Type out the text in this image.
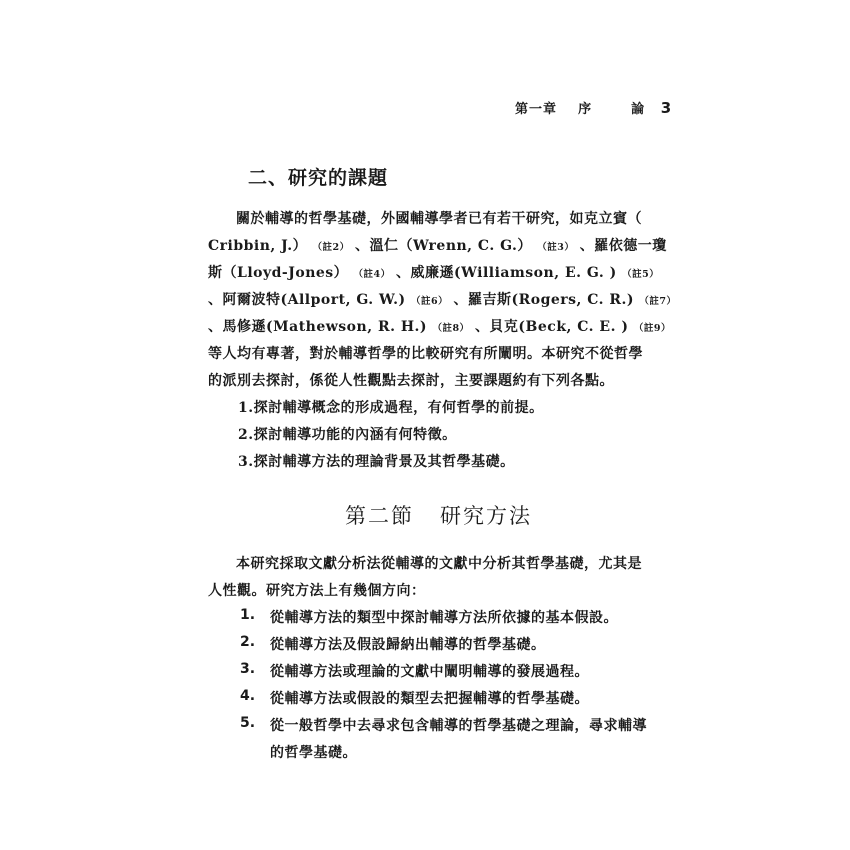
第一章 序	論 3
二、研究的課題
關於輔導的哲學基礎，外國輔導學者已有若干研究，如克立賓（
Cribbin, J.） （註2） 、溫仁（Wrenn, C. G.） （註3） 、羅依德一瓊
斯（Lloyd-Jones） （註4） 、威廉遜(Williamson, E. G. ) （註5）
、阿爾波特(Allport, G. W.) （註6） 、羅吉斯(Rogers, C. R.) （註7）
、馬修遜(Mathewson, R. H.) （註8） 、貝克(Beck, C. E. ) （註9）
等人均有專著，對於輔導哲學的比較研究有所闡明。本研究不從哲學
的派別去探討，係從人性觀點去探討，主要課題約有下列各點。
1.探討輔導概念的形成過程，有何哲學的前提。
2.探討輔導功能的內涵有何特徵。
3.探討輔導方法的理論背景及其哲學基礎。
第二節 研究方法
本研究採取文獻分析法從輔導的文獻中分析其哲學基礎，尤其是
人性觀。研究方法上有幾個方向：
1.	從輔導方法的類型中探討輔導方法所依據的基本假設。
2.	從輔導方法及假設歸納出輔導的哲學基礎。
3.	從輔導方法或理論的文獻中闡明輔導的發展過程。
4.	從輔導方法或假設的類型去把握輔導的哲學基礎。
5.	從一般哲學中去尋求包含輔導的哲學基礎之理論，尋求輔導
的哲學基礎。
